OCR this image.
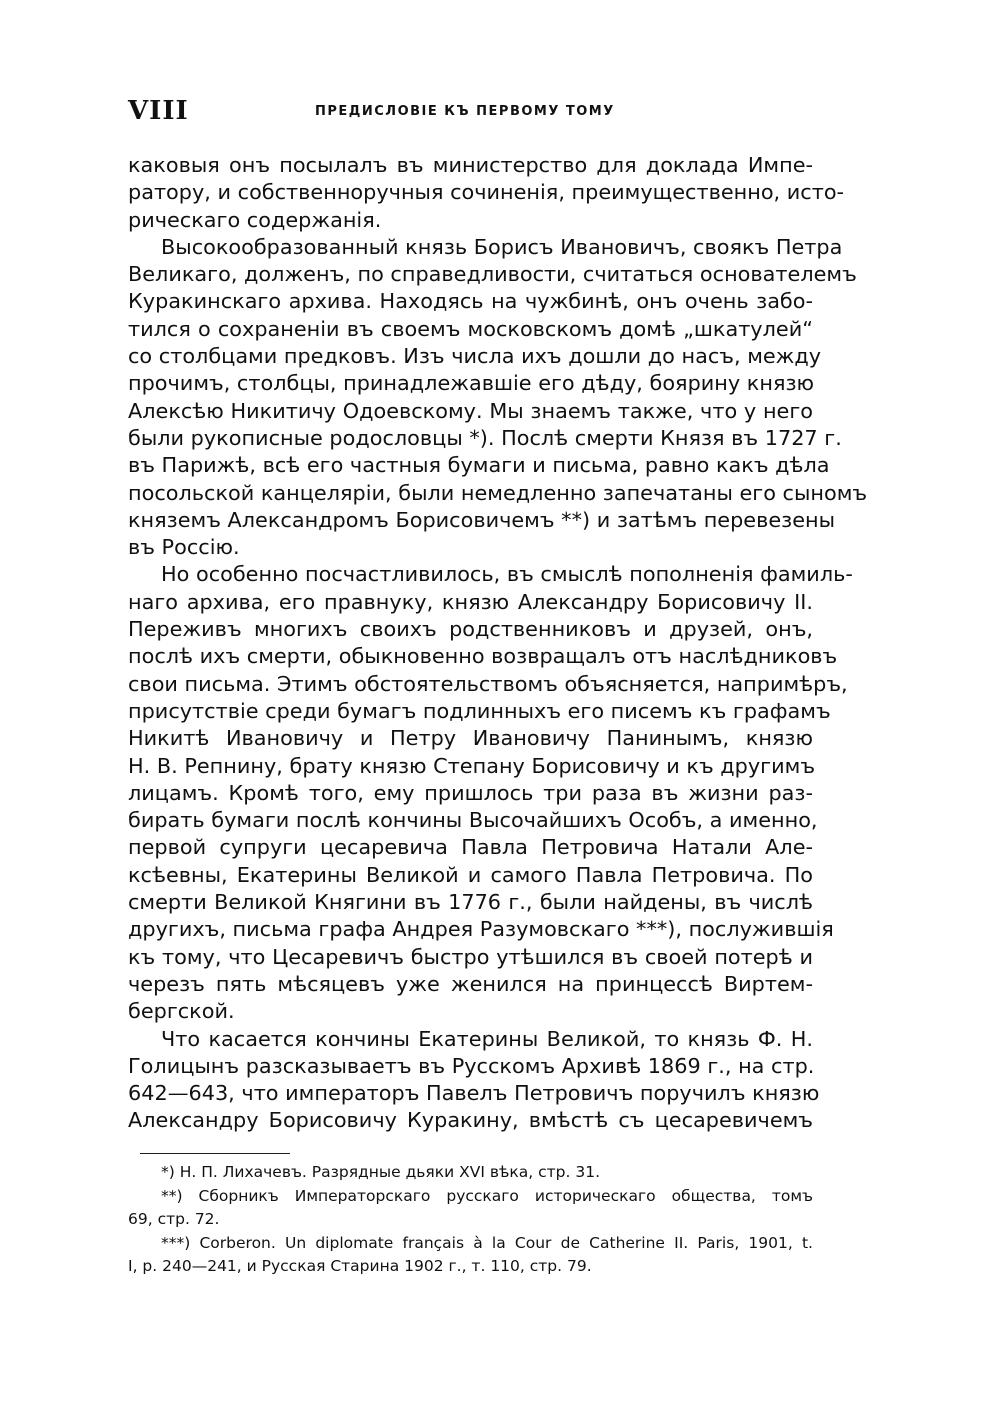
VIII	ПРЕДИСЛОВІЕ КЪ ПЕРВОМУ ТОМУ

каковыя онъ посылалъ въ министерство для доклада Импе-
ратору, и собственноручныя сочиненія, преимущественно, исто-
рическаго содержанія.

Высокообразованный князь Борисъ Ивановичъ, своякъ Петра
Великаго, долженъ, по справедливости, считаться основателемъ
Куракинскаго архива. Находясь на чужбинѣ, онъ очень забо-
тился о сохраненіи въ своемъ московскомъ домѣ „шкатулей“
со столбцами предковъ. Изъ числа ихъ дошли до насъ, между
прочимъ, столбцы, принадлежавшіе его дѣду, боярину князю
Алексѣю Никитичу Одоевскому. Мы знаемъ также, что у него
были рукописные родословцы *). Послѣ смерти Князя въ 1727 г.
въ Парижѣ, всѣ его частныя бумаги и письма, равно какъ дѣла
посольской канцеляріи, были немедленно запечатаны его сыномъ
княземъ Александромъ Борисовичемъ **) и затѣмъ перевезены
въ Россію.

Но особенно посчастливилось, въ смыслѣ пополненія фамиль-
наго архива, его правнуку, князю Александру Борисовичу II.
Переживъ многихъ своихъ родственниковъ и друзей, онъ,
послѣ ихъ смерти, обыкновенно возвращалъ отъ наслѣдниковъ
свои письма. Этимъ обстоятельствомъ объясняется, напримѣръ,
присутствіе среди бумагъ подлинныхъ его писемъ къ графамъ
Никитѣ Ивановичу и Петру Ивановичу Панинымъ, князю
Н. В. Репнину, брату князю Степану Борисовичу и къ другимъ
лицамъ. Кромѣ того, ему пришлось три раза въ жизни раз-
бирать бумаги послѣ кончины Высочайшихъ Особъ, а именно,
первой супруги цесаревича Павла Петровича Натали Але-
ксѣевны, Екатерины Великой и самого Павла Петровича. По
смерти Великой Княгини въ 1776 г., были найдены, въ числѣ
другихъ, письма графа Андрея Разумовскаго ***), послужившія
къ тому, что Цесаревичъ быстро утѣшился въ своей потерѣ и
черезъ пять мѣсяцевъ уже женился на принцессѣ Виртем-
бергской.

Что касается кончины Екатерины Великой, то князь Ф. Н.
Голицынъ разсказываетъ въ Русскомъ Архивѣ 1869 г., на стр.
642—643, что императоръ Павелъ Петровичъ поручилъ князю
Александру Борисовичу Куракину, вмѣстѣ съ цесаревичемъ

*) Н. П. Лихачевъ. Разрядные дьяки XVI вѣка, стр. 31.

**) Сборникъ Императорскаго русскаго историческаго общества, томъ
69, стр. 72.

***) Corberon. Un diplomate français à la Cour de Catherine II. Paris, 1901, t.
I, p. 240—241, и Русская Старина 1902 г., т. 110, стр. 79.
